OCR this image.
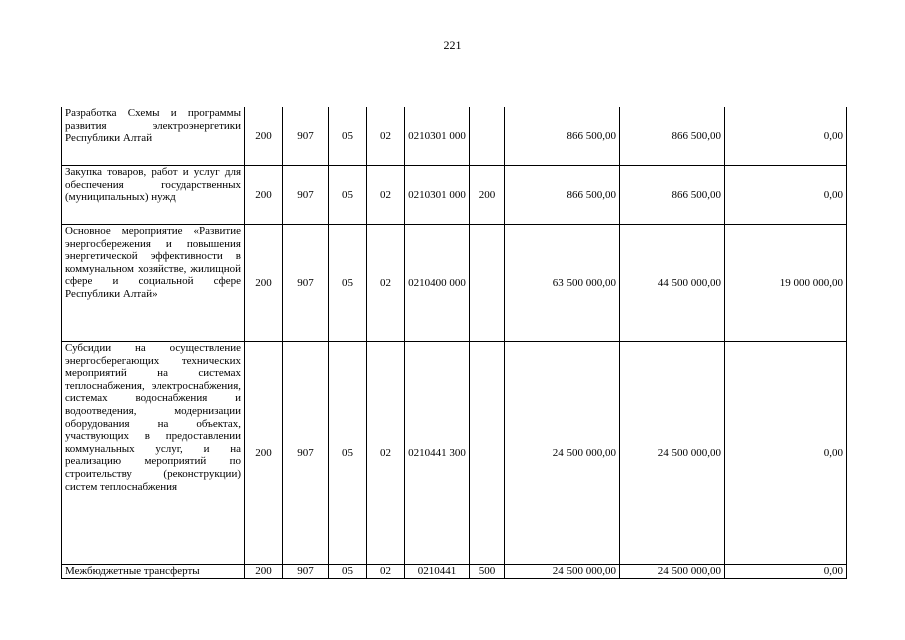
221
Разработка Схемы и программы развития электроэнергетики Республики Алтай	200	907	05	02	0210301 000		866 500,00	866 500,00	0,00
Закупка товаров, работ и услуг для обеспечения государственных (муниципальных) нужд	200	907	05	02	0210301 000	200	866 500,00	866 500,00	0,00
Основное мероприятие «Развитие энергосбережения и повышения энергетической эффективности в коммунальном хозяйстве, жилищной сфере и социальной сфере Республики Алтай»	200	907	05	02	0210400 000		63 500 000,00	44 500 000,00	19 000 000,00
Субсидии на осуществление энергосберегающих технических мероприятий на системах теплоснабжения, электроснабжения, системах водоснабжения и водоотведения, модернизации оборудования на объектах, участвующих в предоставлении коммунальных услуг, и на реализацию мероприятий по строительству (реконструкции) систем теплоснабжения	200	907	05	02	0210441 300		24 500 000,00	24 500 000,00	0,00
Межбюджетные трансферты	200	907	05	02	0210441	500	24 500 000,00	24 500 000,00	0,00
